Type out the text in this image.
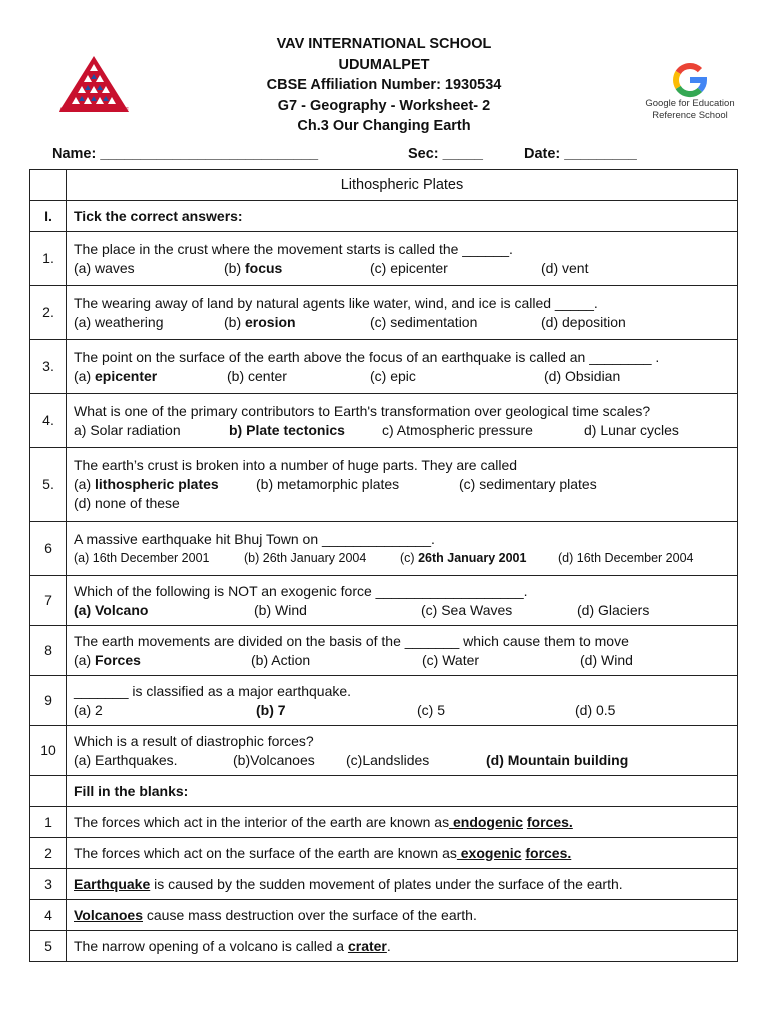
AIM. ASPIRE. ACHIEVE
VAV INTERNATIONAL SCHOOL
UDUMALPET
CBSE Affiliation Number: 1930534
G7 - Geography - Worksheet- 2
Ch.3 Our Changing Earth
Google for Education
Reference School
Name: ___________________________	Sec: _____	Date: _________
	Lithospheric Plates
I.	Tick the correct answers:
1.	The place in the crust where the movement starts is called the ______.
(a) waves (b) focus (c) epicenter (d) vent

2.	The wearing away of land by natural agents like water, wind, and ice is called _____.
(a) weathering (b) erosion (c) sedimentation (d) deposition

3.	The point on the surface of the earth above the focus of an earthquake is called an ________ .
(a) epicenter (b) center (c) epic (d) Obsidian

4.	What is one of the primary contributors to Earth's transformation over geological time scales?
a) Solar radiation b) Plate tectonics c) Atmospheric pressure d) Lunar cycles

5.	The earth’s crust is broken into a number of huge parts. They are called
(a) lithospheric plates (b) metamorphic plates (c) sedimentary plates
(d) none of these

6	A massive earthquake hit Bhuj Town on ______________.
(a) 16th December 2001 (b) 26th January 2004 (c) 26th January 2001 (d) 16th December 2004

7	Which of the following is NOT an exogenic force ___________________.
(a) Volcano (b) Wind (c) Sea Waves (d) Glaciers

8	The earth movements are divided on the basis of the _______ which cause them to move
(a) Forces (b) Action (c) Water (d) Wind

9	_______ is classified as a major earthquake.
(a) 2 (b) 7 (c) 5 (d) 0.5

10	Which is a result of diastrophic forces?
(a) Earthquakes. (b)Volcanoes (c)Landslides (d) Mountain building

	Fill in the blanks:
1	The forces which act in the interior of the earth are known as endogenic forces.
2	The forces which act on the surface of the earth are known as exogenic forces.
3	Earthquake is caused by the sudden movement of plates under the surface of the earth.
4	Volcanoes cause mass destruction over the surface of the earth.
5	The narrow opening of a volcano is called a crater.
